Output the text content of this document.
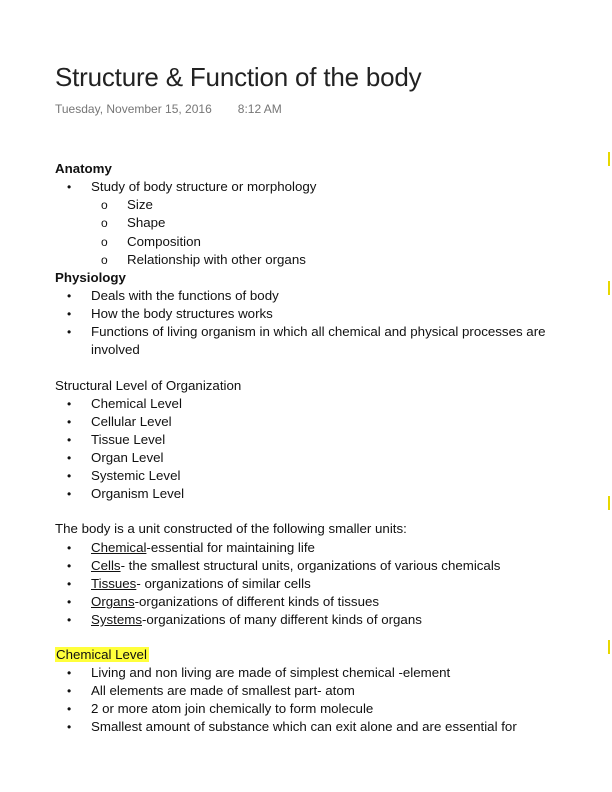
Structure & Function of the body
Tuesday, November 15, 2016 8:12 AM
Anatomy
• Study of body structure or morphology
o Size
o Shape
o Composition
o Relationship with other organs
Physiology
• Deals with the functions of body
• How the body structures works
• Functions of living organism in which all chemical and physical processes are
involved
Structural Level of Organization
• Chemical Level
• Cellular Level
• Tissue Level
• Organ Level
• Systemic Level
• Organism Level
The body is a unit constructed of the following smaller units:
• Chemical-essential for maintaining life
• Cells- the smallest structural units, organizations of various chemicals
• Tissues- organizations of similar cells
• Organs-organizations of different kinds of tissues
• Systems-organizations of many different kinds of organs
Chemical Level
• Living and non living are made of simplest chemical -element
• All elements are made of smallest part- atom
• 2 or more atom join chemically to form molecule
• Smallest amount of substance which can exit alone and are essential for
